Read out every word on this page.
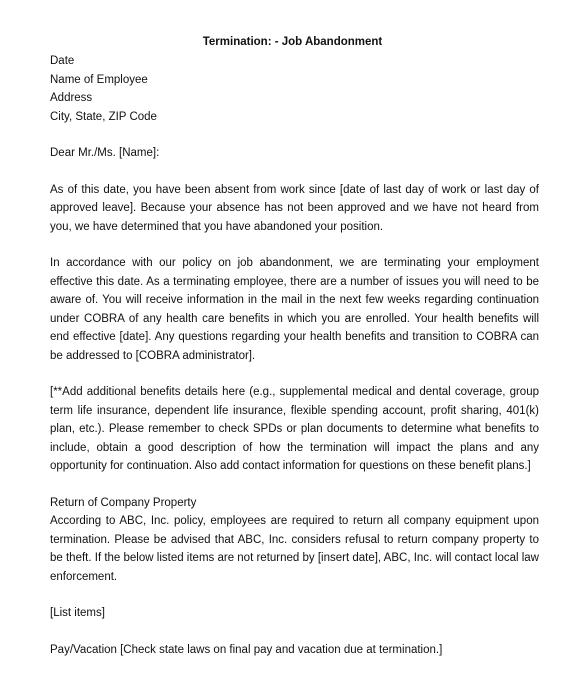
Termination: - Job Abandonment
Date
Name of Employee
Address
City, State, ZIP Code
Dear Mr./Ms. [Name]:

As of this date, you have been absent from work since [date of last day of work or last day of approved leave]. Because your absence has not been approved and we have not heard from you, we have determined that you have abandoned your position.

In accordance with our policy on job abandonment, we are terminating your employment effective this date. As a terminating employee, there are a number of issues you will need to be aware of. You will receive information in the mail in the next few weeks regarding continuation under COBRA of any health care benefits in which you are enrolled. Your health benefits will end effective [date]. Any questions regarding your health benefits and transition to COBRA can be addressed to [COBRA administrator].

[**Add additional benefits details here (e.g., supplemental medical and dental coverage, group term life insurance, dependent life insurance, flexible spending account, profit sharing, 401(k) plan, etc.). Please remember to check SPDs or plan documents to determine what benefits to include, obtain a good description of how the termination will impact the plans and any opportunity for continuation. Also add contact information for questions on these benefit plans.]

Return of Company Property

According to ABC, Inc. policy, employees are required to return all company equipment upon termination. Please be advised that ABC, Inc. considers refusal to return company property to be theft. If the below listed items are not returned by [insert date], ABC, Inc. will contact local law enforcement.

[List items]
Pay/Vacation [Check state laws on final pay and vacation due at termination.]
